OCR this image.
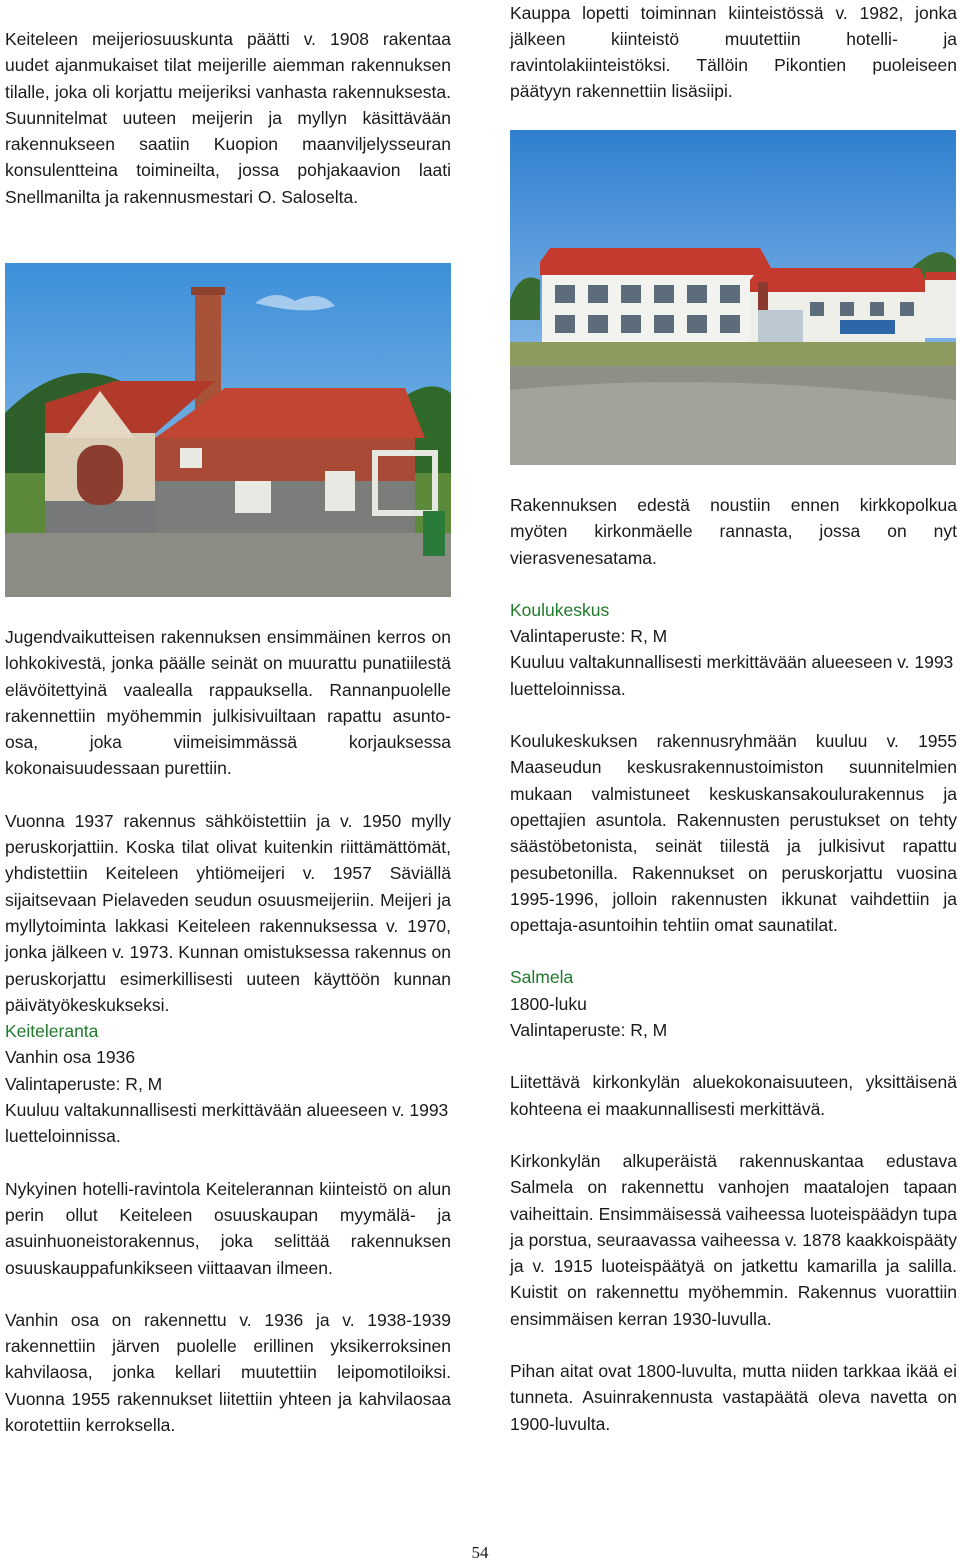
Keiteleen meijeriosuuskunta päätti v. 1908 rakentaa uudet ajanmukaiset tilat meijerille aiemman rakennuksen tilalle, joka oli korjattu meijeriksi vanhasta rakennuksesta. Suunnitelmat uuteen meijerin ja myllyn käsittävään rakennukseen saatiin Kuopion maanviljelysseuran konsulentteina toimineilta, jossa pohjakaavion laati Snellmanilta ja rakennusmestari O. Saloselta.

Jugendvaikutteisen rakennuksen ensimmäinen kerros on lohkokivestä, jonka päälle seinät on muurattu punatiilestä elävöitettyinä vaalealla rappauksella. Rannanpuolelle rakennettiin myöhemmin julkisivuiltaan rapattu asunto-osa, joka viimeisimmässä korjauksessa kokonaisuudessaan purettiin.

Vuonna 1937 rakennus sähköistettiin ja v. 1950 mylly peruskorjattiin. Koska tilat olivat kuitenkin riittämättömät, yhdistettiin Keiteleen yhtiömeijeri v. 1957 Säviällä sijaitsevaan Pielaveden seudun osuusmeijeriin. Meijeri ja myllytoiminta lakkasi Keiteleen rakennuksessa v. 1970, jonka jälkeen v. 1973. Kunnan omistuksessa rakennus on peruskorjattu esimerkillisesti uuteen käyttöön kunnan päivätyökeskukseksi.

Keiteleranta

Vanhin osa 1936

Valintaperuste: R, M

Kuuluu valtakunnallisesti merkittävään alueeseen v. 1993 luetteloinnissa.

Nykyinen hotelli-ravintola Keitelerannan kiinteistö on alun perin ollut Keiteleen osuuskaupan myymälä- ja asuinhuoneistorakennus, joka selittää rakennuksen osuuskauppafunkikseen viittaavan ilmeen.

Vanhin osa on rakennettu v. 1936 ja v. 1938-1939 rakennettiin järven puolelle erillinen yksikerroksinen kahvilaosa, jonka kellari muutettiin leipomotiloiksi. Vuonna 1955 rakennukset liitettiin yhteen ja kahvilaosaa korotettiin kerroksella.

Kauppa lopetti toiminnan kiinteistössä v. 1982, jonka jälkeen kiinteistö muutettiin hotelli- ja ravintolakiinteistöksi. Tällöin Pikontien puoleiseen päätyyn rakennettiin lisäsiipi.

Rakennuksen edestä noustiin ennen kirkkopolkua myöten kirkonmäelle rannasta, jossa on nyt vierasvenesatama.

Koulukeskus

Valintaperuste: R, M

Kuuluu valtakunnallisesti merkittävään alueeseen v. 1993 luetteloinnissa.

Koulukeskuksen rakennusryhmään kuuluu v. 1955 Maaseudun keskusrakennustoimiston suunnitelmien mukaan valmistuneet keskuskansakoulurakennus ja opettajien asuntola. Rakennusten perustukset on tehty säästöbetonista, seinät tiilestä ja julkisivut rapattu pesubetonilla. Rakennukset on peruskorjattu vuosina 1995-1996, jolloin rakennusten ikkunat vaihdettiin ja opettaja-asuntoihin tehtiin omat saunatilat.

Salmela

1800-luku

Valintaperuste: R, M

Liitettävä kirkonkylän aluekokonaisuuteen, yksittäisenä kohteena ei maakunnallisesti merkittävä.

Kirkonkylän alkuperäistä rakennuskantaa edustava Salmela on rakennettu vanhojen maatalojen tapaan vaiheittain. Ensimmäisessä vaiheessa luoteispäädyn tupa ja porstua, seuraavassa vaiheessa v. 1878 kaakkoispääty ja v. 1915 luoteispäätyä on jatkettu kamarilla ja salilla. Kuistit on rakennettu myöhemmin. Rakennus vuorattiin ensimmäisen kerran 1930-luvulla.

Pihan aitat ovat 1800-luvulta, mutta niiden tarkkaa ikää ei tunneta. Asuinrakennusta vastapäätä oleva navetta on 1900-luvulta.

54
